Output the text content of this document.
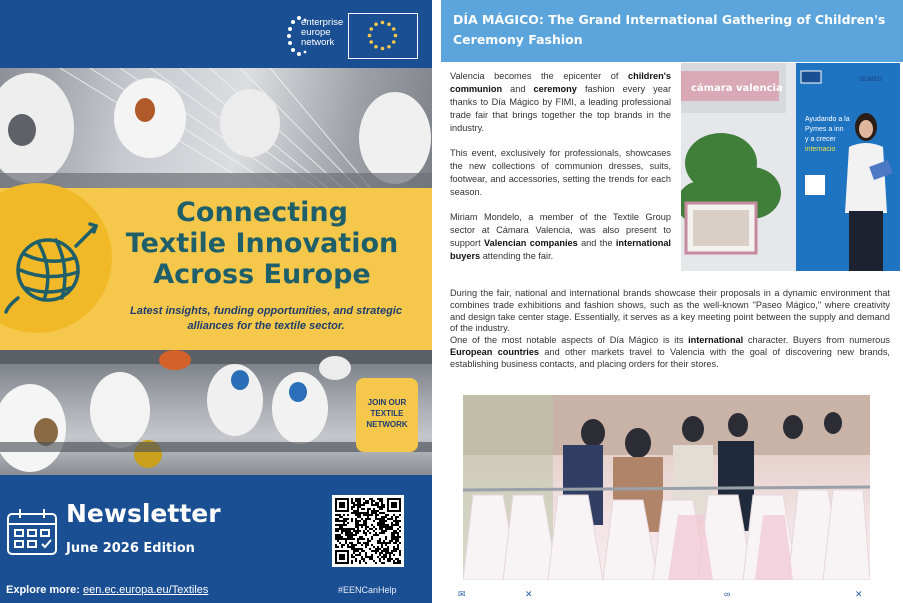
enterprise
europe
network
Connecting
Textile Innovation
Across Europe
Latest insights, funding opportunities, and strategic
alliances for the textile sector.
JOIN OUR
TEXTILE
NETWORK
Newsletter
June 2026 Edition
Explore more: een.ec.europa.eu/Textiles	#EENCanHelp
DÍA MÁGICO: The Grand International Gathering of Children's Ceremony Fashion

Valencia becomes the epicenter of children's communion and ceremony fashion every year thanks to Día Mágico by FIMI, a leading professional trade fair that brings together the top brands in the industry.

This event, exclusively for professionals, showcases the new collections of communion dresses, suits, footwear, and accessories, setting the trends for each season.

Miriam Mondelo, a member of the Textile Group sector at Cámara Valencia, was also present to support Valencian companies and the international buyers attending the fair.

cámara valencia
SEIMED
Ayudando a la
Pymes a inn
y a crecer
internacio

During the fair, national and international brands showcase their proposals in a dynamic environment that combines trade exhibitions and fashion shows, such as the well-known "Paseo Mágico," where creativity and design take center stage. Essentially, it serves as a key meeting point between the supply and demand of the industry.

One of the most notable aspects of Día Mágico is its international character. Buyers from numerous European countries and other markets travel to Valencia with the goal of discovering new brands, establishing business contacts, and placing orders for their stores.

✉	✕	∞	✕
